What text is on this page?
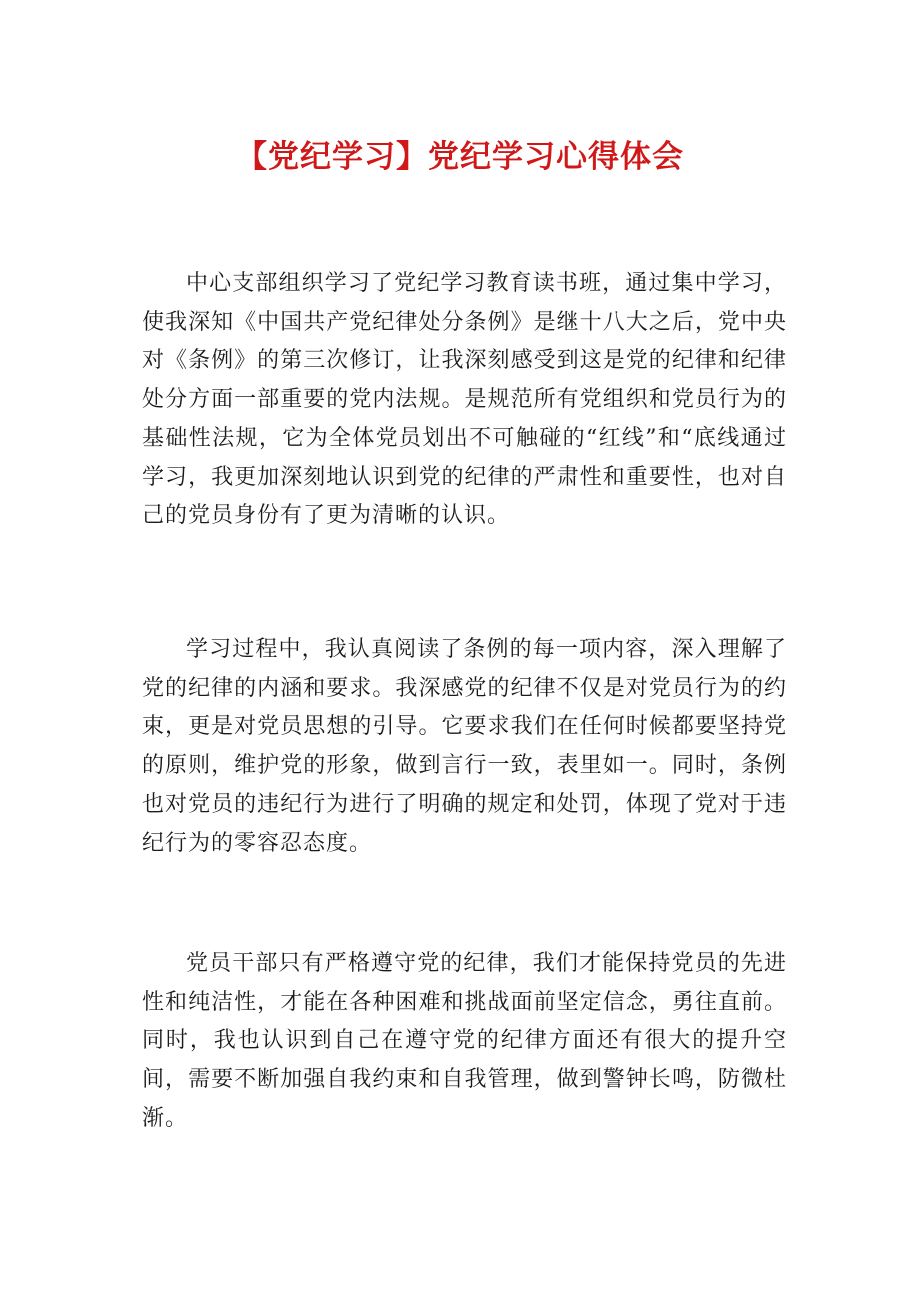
【党纪学习】党纪学习心得体会

中心支部组织学习了党纪学习教育读书班，通过集中学习，使我深知《中国共产党纪律处分条例》是继十八大之后，党中央对《条例》的第三次修订，让我深刻感受到这是党的纪律和纪律处分方面一部重要的党内法规。是规范所有党组织和党员行为的基础性法规，它为全体党员划出不可触碰的“红线”和“底线通过学习，我更加深刻地认识到党的纪律的严肃性和重要性，也对自己的党员身份有了更为清晰的认识。

学习过程中，我认真阅读了条例的每一项内容，深入理解了党的纪律的内涵和要求。我深感党的纪律不仅是对党员行为的约束，更是对党员思想的引导。它要求我们在任何时候都要坚持党的原则，维护党的形象，做到言行一致，表里如一。同时，条例也对党员的违纪行为进行了明确的规定和处罚，体现了党对于违纪行为的零容忍态度。

党员干部只有严格遵守党的纪律，我们才能保持党员的先进性和纯洁性，才能在各种困难和挑战面前坚定信念，勇往直前。同时，我也认识到自己在遵守党的纪律方面还有很大的提升空间，需要不断加强自我约束和自我管理，做到警钟长鸣，防微杜渐。
